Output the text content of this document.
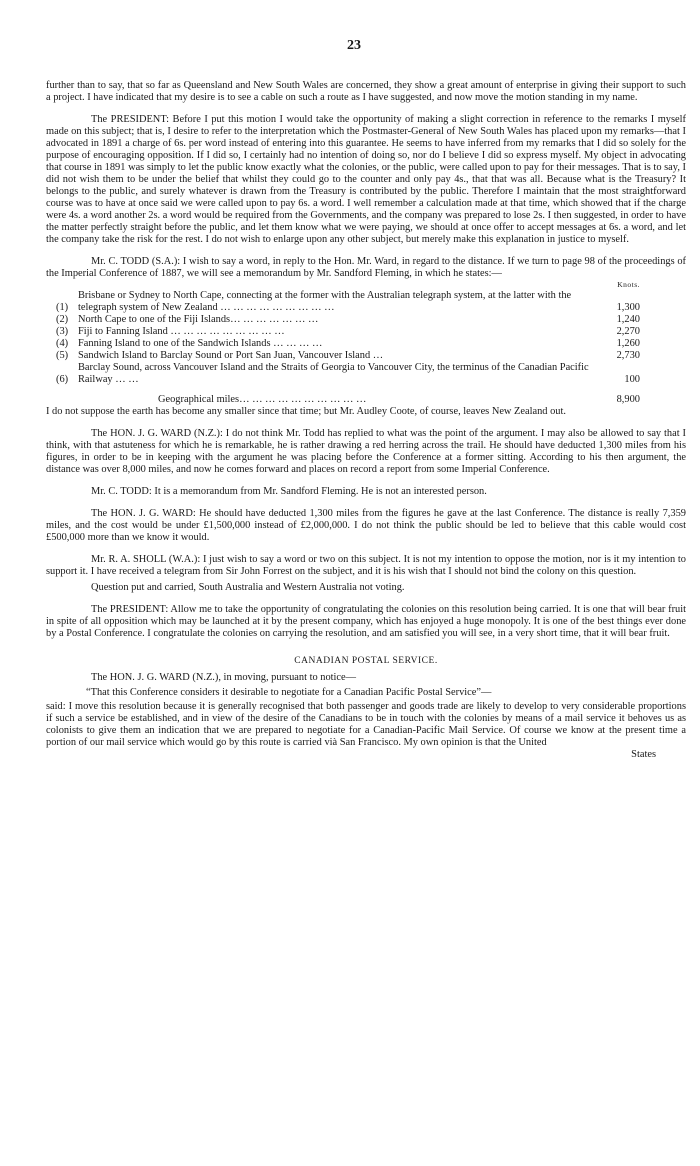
23

further than to say, that so far as Queensland and New South Wales are concerned, they show a great amount of enterprise in giving their support to such a project. I have indicated that my desire is to see a cable on such a route as I have suggested, and now move the motion standing in my name.

The PRESIDENT: Before I put this motion I would take the opportunity of making a slight correction in reference to the remarks I myself made on this subject; that is, I desire to refer to the interpretation which the Postmaster-General of New South Wales has placed upon my remarks—that I advocated in 1891 a charge of 6s. per word instead of entering into this guarantee. He seems to have inferred from my remarks that I did so solely for the purpose of encouraging opposition. If I did so, I certainly had no intention of doing so, nor do I believe I did so express myself. My object in advocating that course in 1891 was simply to let the public know exactly what the colonies, or the public, were called upon to pay for their messages. That is to say, I did not wish them to be under the belief that whilst they could go to the counter and only pay 4s., that that was all. Because what is the Treasury? It belongs to the public, and surely whatever is drawn from the Treasury is contributed by the public. Therefore I maintain that the most straightforward course was to have at once said we were called upon to pay 6s. a word. I well remember a calculation made at that time, which showed that if the charge were 4s. a word another 2s. a word would be required from the Governments, and the company was prepared to lose 2s. I then suggested, in order to have the matter perfectly straight before the public, and let them know what we were paying, we should at once offer to accept messages at 6s. a word, and let the company take the risk for the rest. I do not wish to enlarge upon any other subject, but merely make this explanation in justice to myself.

Mr. C. TODD (S.A.): I wish to say a word, in reply to the Hon. Mr. Ward, in regard to the distance. If we turn to page 98 of the proceedings of the Imperial Conference of 1887, we will see a memorandum by Mr. Sandford Fleming, in which he states:—

Knots.
(1)
Brisbane or Sydney to North Cape, connecting at the former with the Australian telegraph system, at the latter with the telegraph system of New Zealand … … … … … … … … …	1,300
(2) North Cape to one of the Fiji Islands… … … … … … …	1,240
(3) Fiji to Fanning Island … … … … … … … … …	2,270
(4) Fanning Island to one of the Sandwich Islands … … … …	1,260
(5) Sandwich Island to Barclay Sound or Port San Juan, Vancouver Island …	2,730
(6)
Barclay Sound, across Vancouver Island and the Straits of Georgia to Vancouver City, the terminus of the Canadian Pacific Railway … …	100
Geographical miles… … … … … … … … … …	8,900

I do not suppose the earth has become any smaller since that time; but Mr. Audley Coote, of course, leaves New Zealand out.

The HON. J. G. WARD (N.Z.): I do not think Mr. Todd has replied to what was the point of the argument. I may also be allowed to say that I think, with that astuteness for which he is remarkable, he is rather drawing a red herring across the trail. He should have deducted 1,300 miles from his figures, in order to be in keeping with the argument he was placing before the Conference at a former sitting. According to his then argument, the distance was over 8,000 miles, and now he comes forward and places on record a report from some Imperial Conference.

Mr. C. TODD: It is a memorandum from Mr. Sandford Fleming. He is not an interested person.

The HON. J. G. WARD: He should have deducted 1,300 miles from the figures he gave at the last Conference. The distance is really 7,359 miles, and the cost would be under £1,500,000 instead of £2,000,000. I do not think the public should be led to believe that this cable would cost £500,000 more than we know it would.

Mr. R. A. SHOLL (W.A.): I just wish to say a word or two on this subject. It is not my intention to oppose the motion, nor is it my intention to support it. I have received a telegram from Sir John Forrest on the subject, and it is his wish that I should not bind the colony on this question.

Question put and carried, South Australia and Western Australia not voting.

The PRESIDENT: Allow me to take the opportunity of congratulating the colonies on this resolution being carried. It is one that will bear fruit in spite of all opposition which may be launched at it by the present company, which has enjoyed a huge monopoly. It is one of the best things ever done by a Postal Conference. I congratulate the colonies on carrying the resolution, and am satisfied you will see, in a very short time, that it will bear fruit.

CANADIAN POSTAL SERVICE.

The HON. J. G. WARD (N.Z.), in moving, pursuant to notice—

“That this Conference considers it desirable to negotiate for a Canadian Pacific Postal Service”—

said: I move this resolution because it is generally recognised that both passenger and goods trade are likely to develop to very considerable proportions if such a service be established, and in view of the desire of the Canadians to be in touch with the colonies by means of a mail service it behoves us as colonists to give them an indication that we are prepared to negotiate for a Canadian-Pacific Mail Service. Of course we know at the present time a portion of our mail service which would go by this route is carried vià San Francisco. My own opinion is that the United

States
